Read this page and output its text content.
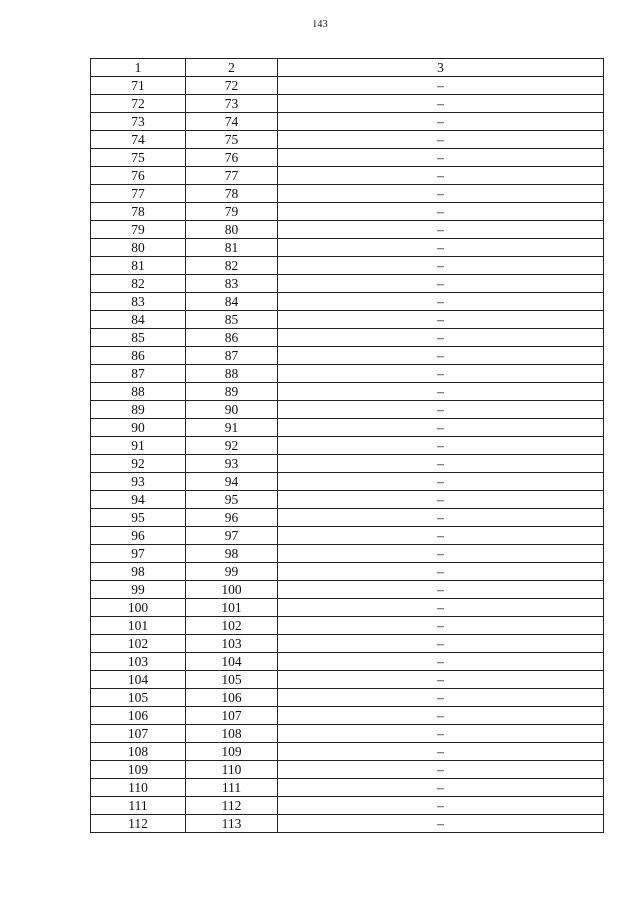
143
1	2	3
71	72	–
72	73	–
73	74	–
74	75	–
75	76	–
76	77	–
77	78	–
78	79	–
79	80	–
80	81	–
81	82	–
82	83	–
83	84	–
84	85	–
85	86	–
86	87	–
87	88	–
88	89	–
89	90	–
90	91	–
91	92	–
92	93	–
93	94	–
94	95	–
95	96	–
96	97	–
97	98	–
98	99	–
99	100	–
100	101	–
101	102	–
102	103	–
103	104	–
104	105	–
105	106	–
106	107	–
107	108	–
108	109	–
109	110	–
110	111	–
111	112	–
112	113	–
